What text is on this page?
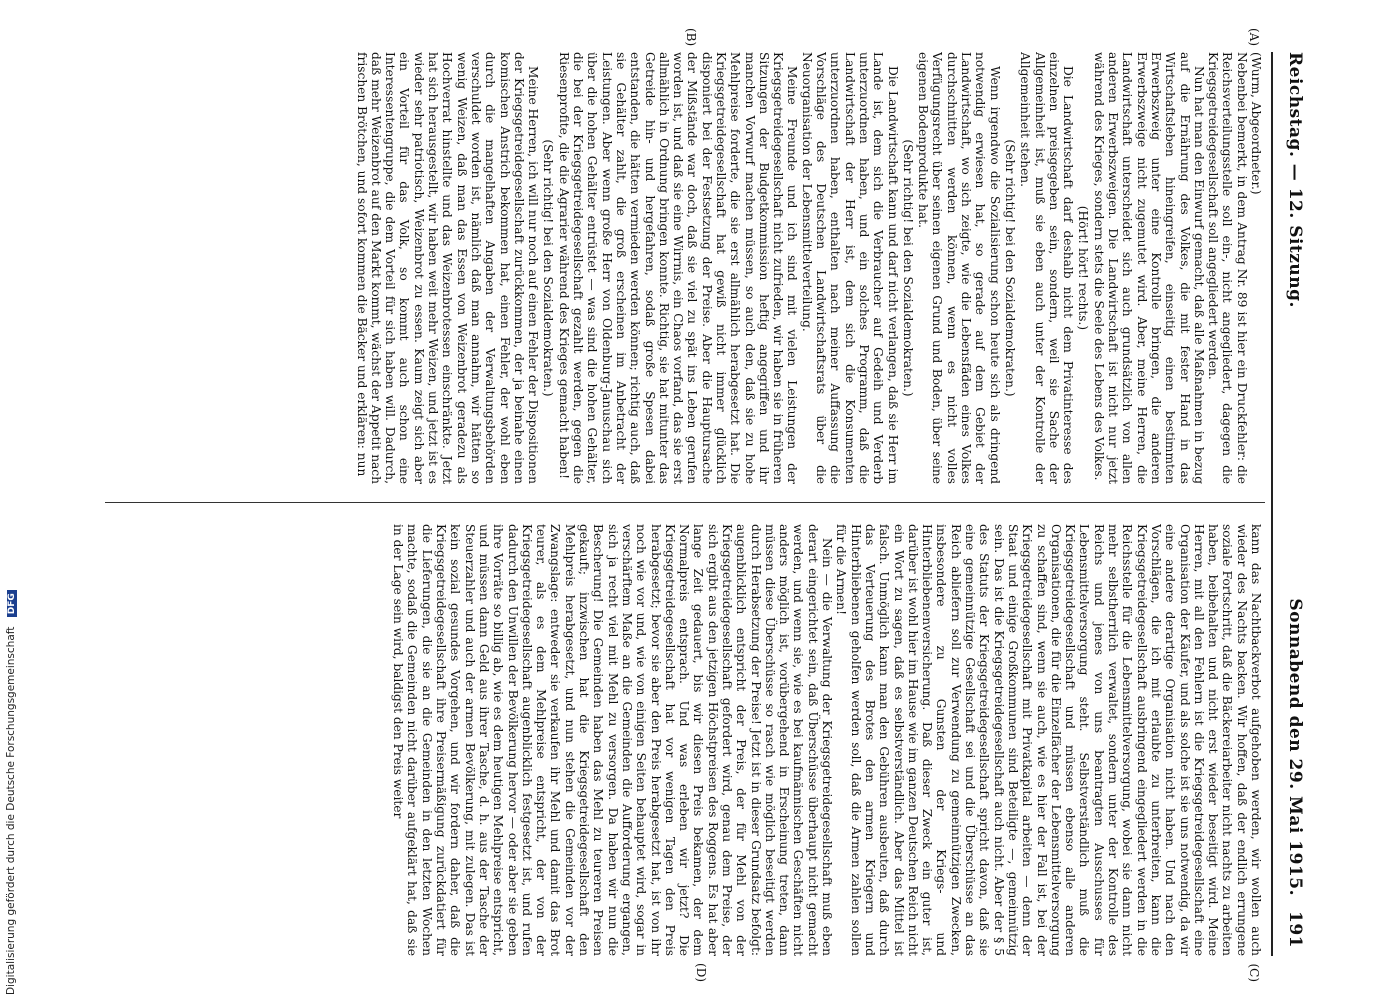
Reichstag. — 12. Sitzung.
Sonnabend den 29. Mai 1915.
191
(A)
(B)
(C)
(D)

(Wurm, Abgeordneter.)

Nebenbei bemerkt, in dem Antrag Nr. 89 ist hier ein Druckfehler: die Reichsverteilungsstelle soll ein-, nicht angegliedert, dagegen die Kriegsgetreidegesellschaft soll angegliedert werden.

Nun hat man den Einwurf gemacht, daß alle Maßnahmen in bezug auf die Ernährung des Volkes, die mit fester Hand in das Wirtschaftsleben hineingreifen, einseitig einen bestimmten Erwerbszweig unter eine Kontrolle bringen, die anderen Erwerbszweige nicht zugemutet wird. Aber, meine Herren, die Landwirtschaft unterscheidet sich auch grundsätzlich von allen anderen Erwerbszweigen. Die Landwirtschaft ist nicht nur jetzt während des Krieges, sondern stets die Seele des Lebens des Volkes.

(Hört! hört! rechts.)

Die Landwirtschaft darf deshalb nicht dem Privatinteresse des einzelnen preisgegeben sein, sondern, weil sie Sache der Allgemeinheit ist, muß sie eben auch unter der Kontrolle der Allgemeinheit stehen.

(Sehr richtig! bei den Sozialdemokraten.)

Wenn irgendwo die Sozialisierung schon heute sich als dringend notwendig erwiesen hat, so gerade auf dem Gebiet der Landwirtschaft, wo sich zeigte, wie die Lebensfäden eines Volkes durchschnitten werden können, wenn es nicht volles Verfügungsrecht über seinen eigenen Grund und Boden, über seine eigenen Bodenprodukte hat.

(Sehr richtig! bei den Sozialdemokraten.)

Die Landwirtschaft kann und darf nicht verlangen, daß sie Herr im Lande ist, dem sich die Verbraucher auf Gedeih und Verderb unterzuordnen haben, und ein solches Programm, daß die Landwirtschaft der Herr ist, dem sich die Konsumenten unterzuordnen haben, enthalten nach meiner Auffassung die Vorschläge des Deutschen Landwirtschaftsrats über die Neuorganisation der Lebensmittelverteilung.

Meine Freunde und ich sind mit vielen Leistungen der Kriegsgetreidegesellschaft nicht zufrieden, wir haben sie in früheren Sitzungen der Budgetkommission heftig angegriffen und ihr manchen Vorwurf machen müssen, so auch den, daß sie zu hohe Mehlpreise forderte, die sie erst allmählich herabgesetzt hat. Die Kriegsgetreidegesellschaft hat gewiß nicht immer glücklich disponiert bei der Festsetzung der Preise. Aber die Hauptursache der Mißstände war doch, daß sie viel zu spät ins Leben gerufen worden ist, und daß sie eine Wirrnis, ein Chaos vorfand, das sie erst allmählich in Ordnung bringen konnte. Richtig, sie hat mitunter das Getreide hin- und hergefahren, sodaß große Spesen dabei entstanden, die hätten vermieden werden können; richtig auch, daß sie Gehälter zahlt, die groß erscheinen im Anbetracht der Leistungen. Aber wenn große Herr von Oldenburg-Januschau sich über die hohen Gehälter entrüstet — was sind die hohen Gehälter, die bei der Kriegsgetreidegesellschaft gezahlt werden, gegen die Riesenprofite, die die Agrarier während des Krieges gemacht haben!

(Sehr richtig! bei den Sozialdemokraten.)

Meine Herren, ich will nur noch auf einen Fehler der Dispositionen der Kriegsgetreidegesellschaft zurückkommen, der ja beinahe einen komischen Anstrich bekommen hat, einen Fehler, der wohl eben durch die mangelhaften Angaben der Verwaltungsbehörden verschuldet worden ist, nämlich daß man annahm, wir hätten so wenig Weizen, daß man das Essen von Weizenbrot geradezu als Hochverrat hinstellte und das Weizenbrotessen einschränkte. Jetzt hat sich herausgestellt, wir haben weit mehr Weizen, und jetzt ist es wieder sehr patriotisch, Weizenbrot zu essen. Kaum zeigt sich aber ein Vorteil für das Volk, so kommt auch schon eine Interessentengruppe, die dem Vorteil für sich haben will. Dadurch, daß mehr Weizenbrot auf den Markt kommt, wächst der Appetit nach frischen Brötchen, und sofort kommen die Bäcker und erklären: nun

kann das Nachtbackverbot aufgehoben werden, wir wollen auch wieder des Nachts backen. Wir hoffen, daß der endlich errungene soziale Fortschritt, daß die Bäckereiarbeiter nicht nachts zu arbeiten haben, beibehalten und nicht erst wieder beseitigt wird. Meine Herren, mit all den Fehlern ist die Kriegsgetreidegesellschaft eine Organisation der Käufer, und als solche ist sie uns notwendig, da wir eine andere derartige Organisation nicht haben. Und nach den Vorschlägen, die ich mit erlaubte zu unterbreiten, kann die Kriegsgetreidegesellschaft ausbringend eingegliedert werden in die Reichsstelle für die Lebensmittelversorgung, wobei sie dann nicht mehr selbstherrlich verwaltet, sondern unter der Kontrolle des Reichs und jenes von uns beantragten Ausschusses für Lebensmittelversorgung steht. Selbstverständlich muß die Kriegsgetreidegesellschaft und müssen ebenso alle anderen Organisationen, die für die Einzelfächer der Lebensmittelversorgung zu schaffen sind, wenn sie auch, wie es hier der Fall ist, bei der Kriegsgetreidegesellschaft mit Privatkapital arbeiten — denn der Staat und einige Großkommunen sind Beteiligte —, gemeinnützig sein. Das ist die Kriegsgetreidegesellschaft auch nicht. Aber der § 5 des Statuts der Kriegsgetreidegesellschaft spricht davon, daß sie eine gemeinnützige Gesellschaft sei und die Überschüsse an das Reich abliefern soll zur Verwendung zu gemeinnützigen Zwecken, insbesondere zu Gunsten der Kriegs- und Hinterbliebenenversicherung. Daß dieser Zweck ein guter ist, darüber ist wohl hier im Hause wie im ganzen Deutschen Reich nicht ein Wort zu sagen, daß es selbstverständlich. Aber das Mittel ist falsch. Unmöglich kann man den Gebühren ausbeuten, daß durch das Verteuerung des Brotes den armen Kriegern und Hinterbliebenen geholfen werden soll, daß die Armen zahlen sollen für die Armen!

Nein — die Verwaltung der Kriegsgetreidegesellschaft muß eben derart eingerichtet sein, daß Überschüsse überhaupt nicht gemacht werden, und wenn sie, wie es bei kaufmännischen Geschäften nicht anders möglich ist, vorübergehend in Erscheinung treten, dann müssen diese Überschüsse so rasch wie möglich beseitigt werden durch Herabsetzung der Preise! Jetzt ist in dieser Grundsatz befolgt: augenblicklich entspricht der Preis, der für Mehl von der Kriegsgetreidegesellschaft gefordert wird, genau dem Preise, der sich ergibt aus den jetzigen Höchstpreisen des Roggens. Es hat aber lange Zeit gedauert, bis wir diesen Preis bekamen, der dem Normalpreis entsprach. Und was erleben wir jetzt? Die Kriegsgetreidegesellschaft hat vor wenigen Tagen den Preis herabgesetzt; bevor sie aber den Preis herabgesetzt hat, ist von ihr noch wie vor und, wie von einigen Seiten behauptet wird, sogar in verschärftem Maße an die Gemeinden die Aufforderung ergangen, sich ja recht viel mit Mehl zu versorgen. Da haben wir nun die Bescherung! Die Gemeinden haben das Mehl zu teureren Preisen gekauft; inzwischen hat die Kriegsgetreidegesellschaft den Mehlpreis herabgesetzt, und nun stehen die Gemeinden vor der Zwangslage: entweder sie verkaufen ihr Mehl und damit das Brot teurer, als es dem Mehlpreise entspricht, der von der Kriegsgetreidegesellschaft augenblicklich festgesetzt ist, und rufen dadurch den Unwillen der Bevölkerung hervor — oder aber sie geben ihre Vorräte so billig ab, wie es dem heutigen Mehlpreise entspricht, und müssen dann Geld aus ihrer Tasche, d. h. aus der Tasche der Steuerzahler und auch der armen Bevölkerung, mit zulegen. Das ist kein sozial gesundes Vorgehen, und wir fordern daher, daß die Kriegsgetreidegesellschaft ihre Preisermäßigung zurückdatiert für die Lieferungen, die sie an die Gemeinden in den letzten Wochen machte, sodaß die Gemeinden nicht darüber aufgeklärt hat, daß sie in der Lage sein wird, baldigst den Preis weiter

Digitalisierung gefördert durch die Deutsche Forschungsgemeinschaft DFG
